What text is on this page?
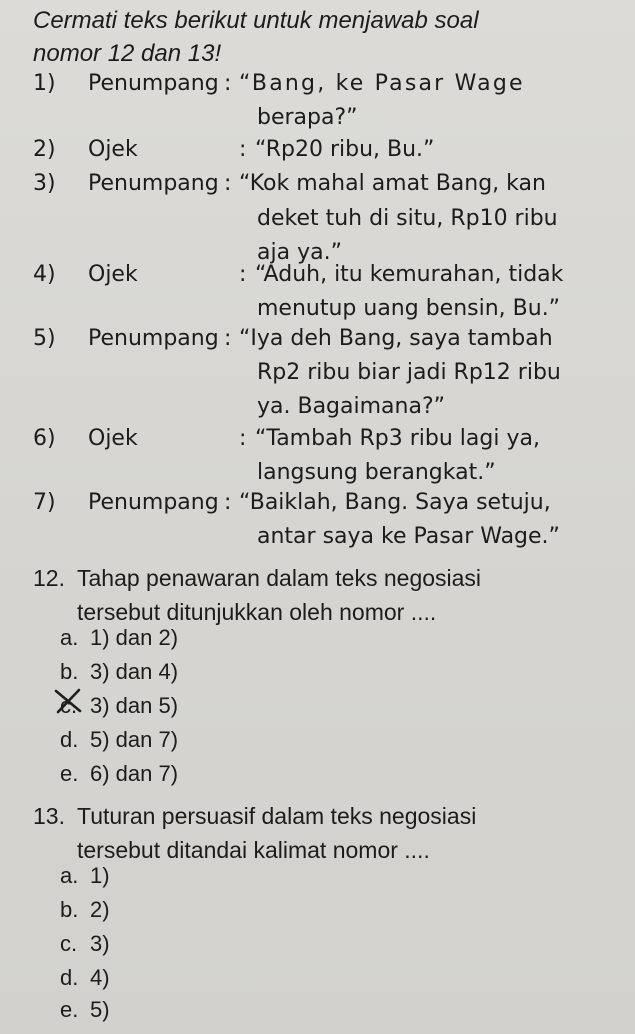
Cermati teks berikut untuk menjawab soal
nomor 12 dan 13!
1) Penumpang : “Bang, ke Pasar Wage
berapa?”
2) Ojek	: “Rp20 ribu, Bu.”
3) Penumpang : “Kok mahal amat Bang, kan
deket tuh di situ, Rp10 ribu
aja ya.”
4) Ojek	: “Aduh, itu kemurahan, tidak
menutup uang bensin, Bu.”
5) Penumpang : “Iya deh Bang, saya tambah
Rp2 ribu biar jadi Rp12 ribu
ya. Bagaimana?”
6) Ojek	: “Tambah Rp3 ribu lagi ya,
langsung berangkat.”
7) Penumpang : “Baiklah, Bang. Saya setuju,
antar saya ke Pasar Wage.”
12. Tahap penawaran dalam teks negosiasi
tersebut ditunjukkan oleh nomor ....
a. 1) dan 2)
b. 3) dan 4)
c. 3) dan 5)
d. 5) dan 7)
e. 6) dan 7)
13. Tuturan persuasif dalam teks negosiasi
tersebut ditandai kalimat nomor ....
a. 1)
b. 2)
c. 3)
d. 4)
e. 5)
